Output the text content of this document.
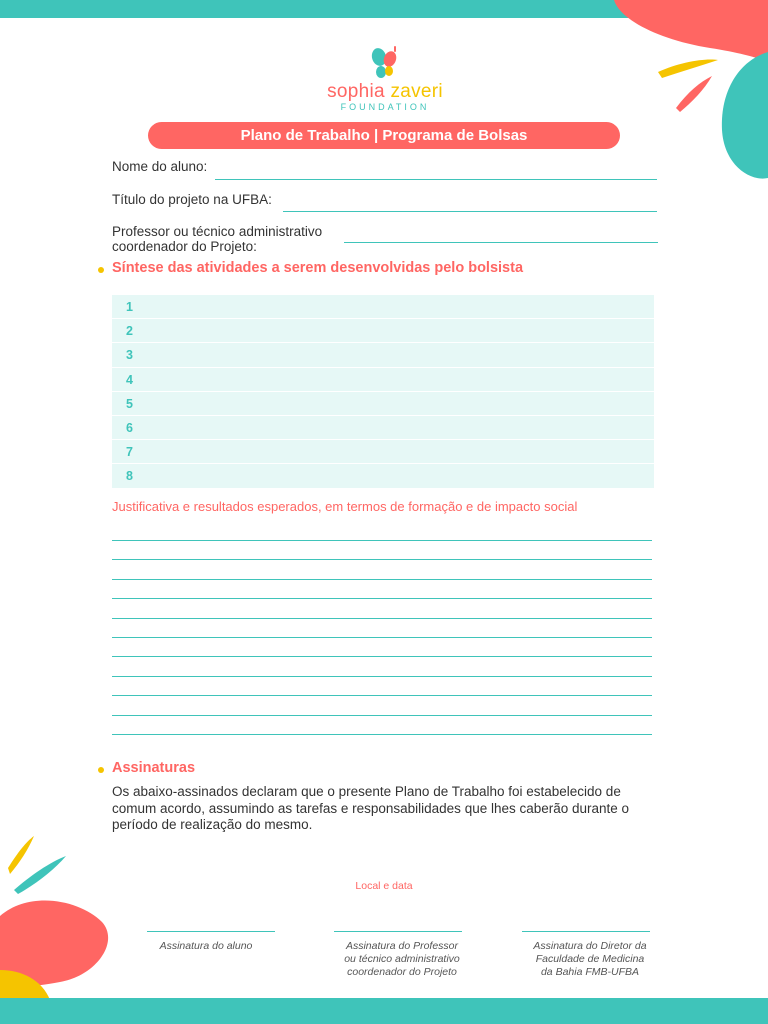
sophia zaveri
FOUNDATION
Plano de Trabalho | Programa de Bolsas
Nome do aluno:
Título do projeto na UFBA:
Professor ou técnico administrativo
coordenador do Projeto:
Síntese das atividades a serem desenvolvidas pelo bolsista
1
2
3
4
5
6
7
8
Justificativa e resultados esperados, em termos de formação e de impacto social
Assinaturas
Os abaixo-assinados declaram que o presente Plano de Trabalho foi estabelecido de comum acordo, assumindo as tarefas e responsabilidades que lhes caberão durante o período de realização do mesmo.
Local e data
Assinatura do aluno	Assinatura do Professor
ou técnico administrativo
coordenador do Projeto
Assinatura do Diretor da
Faculdade de Medicina
da Bahia FMB-UFBA
